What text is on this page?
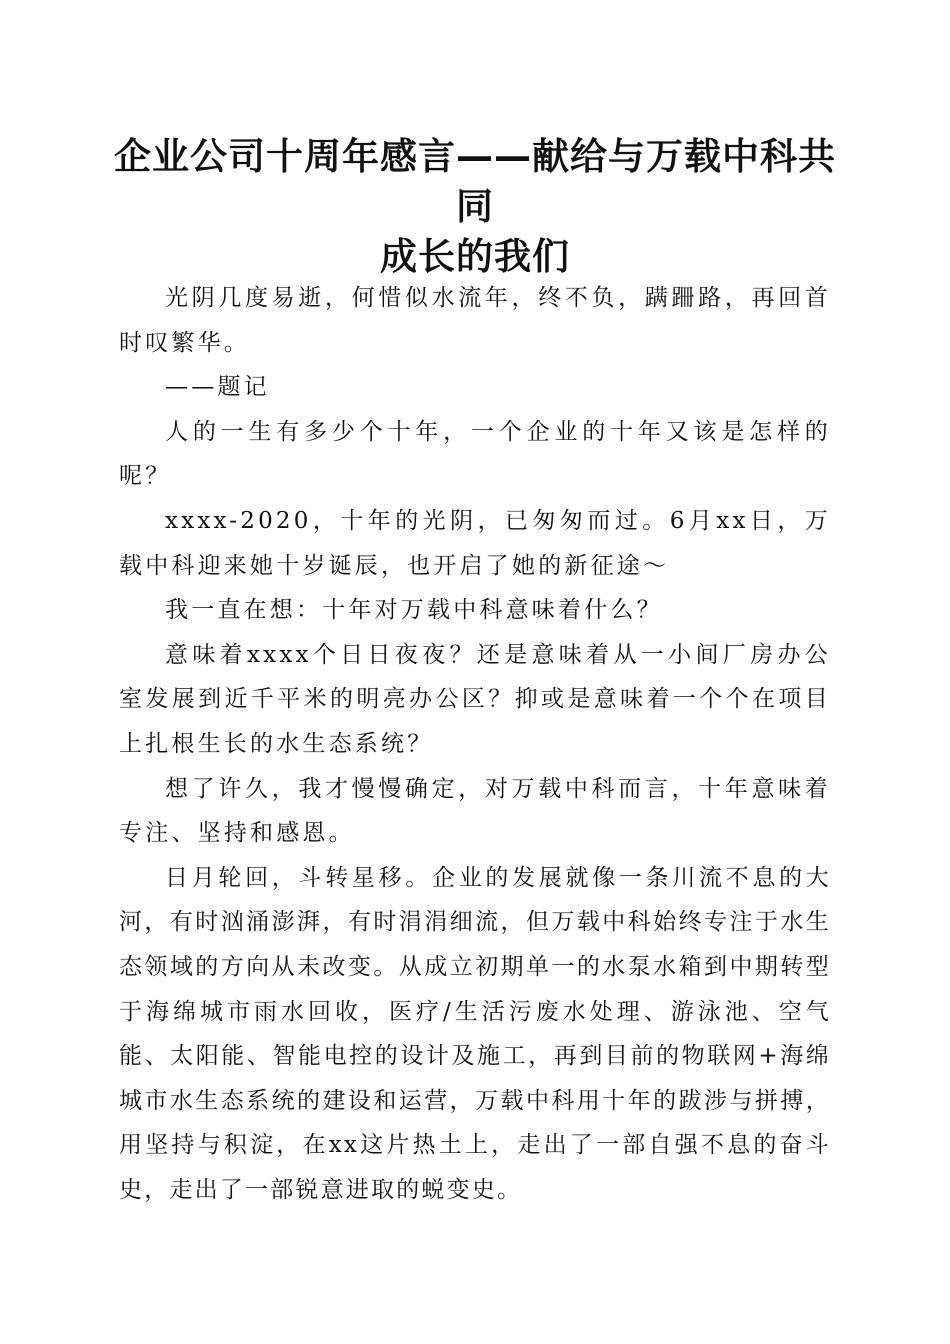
企业公司十周年感言——献给与万载中科共同
成长的我们

光阴几度易逝，何惜似水流年，终不负，蹒跚路，再回首时叹繁华。

——题记

人的一生有多少个十年，一个企业的十年又该是怎样的呢？

xxxx-2020，十年的光阴，已匆匆而过。6月xx日，万载中科迎来她十岁诞辰，也开启了她的新征途～

我一直在想：十年对万载中科意味着什么？

意味着xxxx个日日夜夜？还是意味着从一小间厂房办公室发展到近千平米的明亮办公区？抑或是意味着一个个在项目上扎根生长的水生态系统？

想了许久，我才慢慢确定，对万载中科而言，十年意味着专注、坚持和感恩。

日月轮回，斗转星移。企业的发展就像一条川流不息的大河，有时汹涌澎湃，有时涓涓细流，但万载中科始终专注于水生态领域的方向从未改变。从成立初期单一的水泵水箱到中期转型于海绵城市雨水回收，医疗/生活污废水处理、游泳池、空气能、太阳能、智能电控的设计及施工，再到目前的物联网+海绵城市水生态系统的建设和运营，万载中科用十年的跋涉与拼搏，用坚持与积淀，在xx这片热土上，走出了一部自强不息的奋斗史，走出了一部锐意进取的蜕变史。
